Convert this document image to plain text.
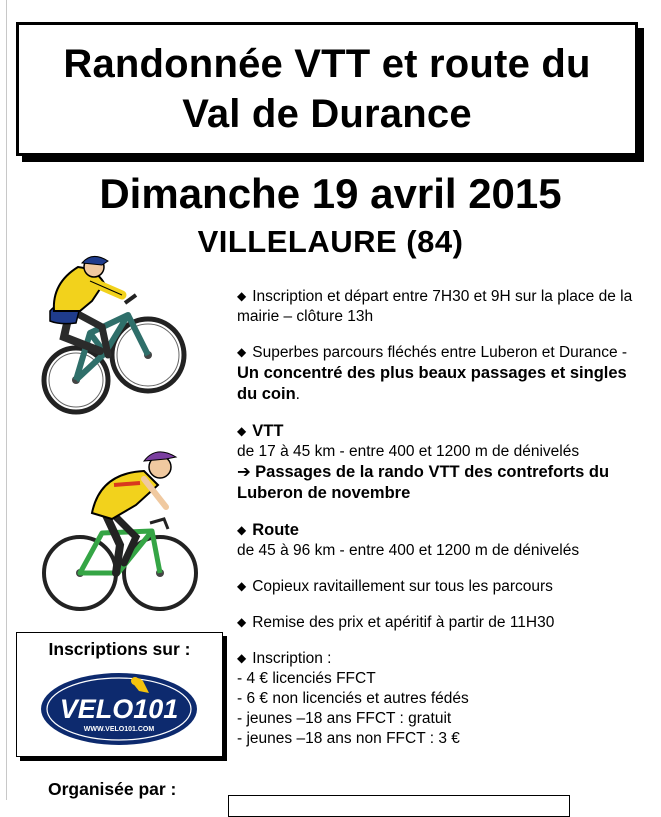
Randonnée VTT et route du
Val de Durance
Dimanche 19 avril 2015
VILLELAURE (84)

◆ Inscription et départ entre 7H30 et 9H sur la place de la mairie – clôture 13h

◆ Superbes parcours fléchés entre Luberon et Durance - Un concentré des plus beaux passages et singles du coin.

◆ VTT

de 17 à 45 km - entre 400 et 1200 m de dénivelés

➔ Passages de la rando VTT des contreforts du Luberon de novembre

◆ Route

de 45 à 96 km - entre 400 et 1200 m de dénivelés

◆ Copieux ravitaillement sur tous les parcours

◆ Remise des prix et apéritif à partir de 11H30

◆ Inscription :

- 4 € licenciés FFCT

- 6 € non licenciés et autres fédés

- jeunes –18 ans FFCT : gratuit

- jeunes –18 ans non FFCT : 3 €

Inscriptions sur :
VELO101
WWW.VELO101.COM
Organisée par :
